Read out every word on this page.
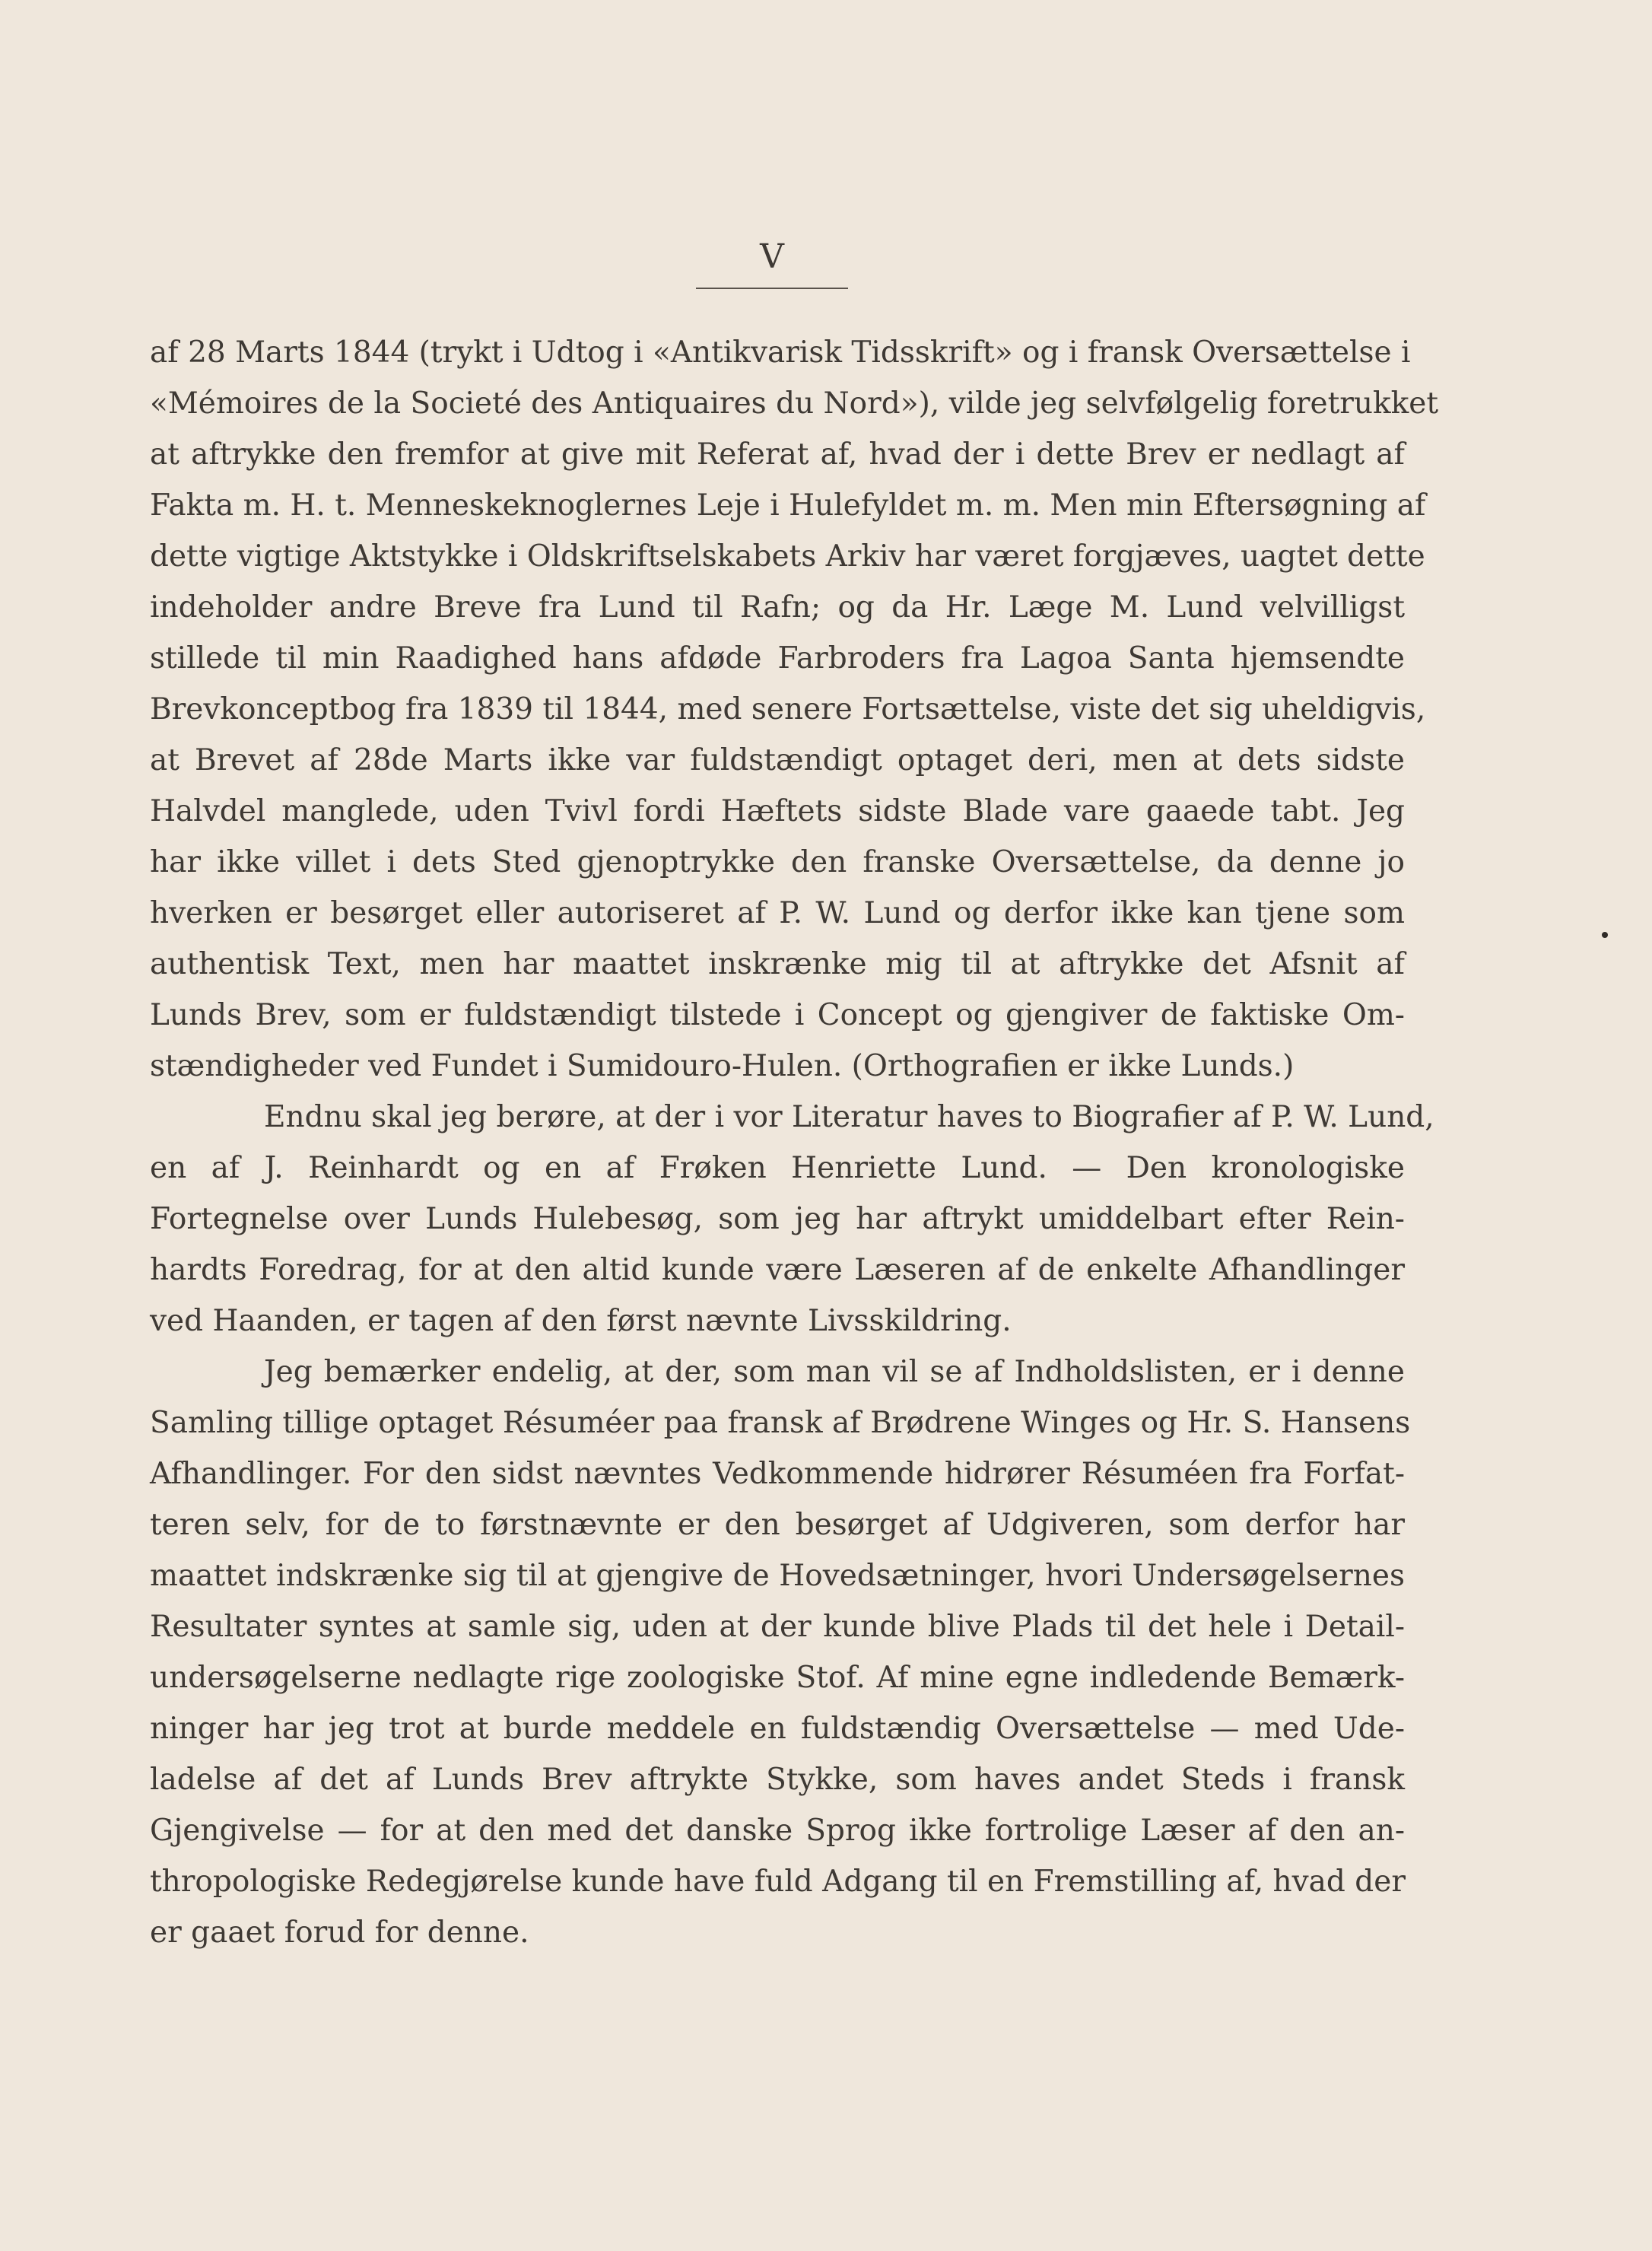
V
af 28 Marts 1844 (trykt i Udtog i «Antikvarisk Tidsskrift» og i fransk Oversættelse i
«Mémoires de la Societé des Antiquaires du Nord»), vilde jeg selvfølgelig foretrukket
at aftrykke den fremfor at give mit Referat af, hvad der i dette Brev er nedlagt af
Fakta m. H. t. Menneskeknoglernes Leje i Hulefyldet m. m. Men min Eftersøgning af
dette vigtige Aktstykke i Oldskriftselskabets Arkiv har været forgjæves, uagtet dette
indeholder andre Breve fra Lund til Rafn; og da Hr. Læge M. Lund velvilligst
stillede til min Raadighed hans afdøde Farbroders fra Lagoa Santa hjemsendte
Brevkonceptbog fra 1839 til 1844, med senere Fortsættelse, viste det sig uheldigvis,
at Brevet af 28de Marts ikke var fuldstændigt optaget deri, men at dets sidste
Halvdel manglede, uden Tvivl fordi Hæftets sidste Blade vare gaaede tabt. Jeg
har ikke villet i dets Sted gjenoptrykke den franske Oversættelse, da denne jo
hverken er besørget eller autoriseret af P. W. Lund og derfor ikke kan tjene som
authentisk Text, men har maattet inskrænke mig til at aftrykke det Afsnit af
Lunds Brev, som er fuldstændigt tilstede i Concept og gjengiver de faktiske Om-
stændigheder ved Fundet i Sumidouro-Hulen. (Orthografien er ikke Lunds.)
Endnu skal jeg berøre, at der i vor Literatur haves to Biografier af P. W. Lund,
en af J. Reinhardt og en af Frøken Henriette Lund. — Den kronologiske
Fortegnelse over Lunds Hulebesøg, som jeg har aftrykt umiddelbart efter Rein-
hardts Foredrag, for at den altid kunde være Læseren af de enkelte Afhandlinger
ved Haanden, er tagen af den først nævnte Livsskildring.
Jeg bemærker endelig, at der, som man vil se af Indholdslisten, er i denne
Samling tillige optaget Résuméer paa fransk af Brødrene Winges og Hr. S. Hansens
Afhandlinger. For den sidst nævntes Vedkommende hidrører Résuméen fra Forfat-
teren selv, for de to førstnævnte er den besørget af Udgiveren, som derfor har
maattet indskrænke sig til at gjengive de Hovedsætninger, hvori Undersøgelsernes
Resultater syntes at samle sig, uden at der kunde blive Plads til det hele i Detail-
undersøgelserne nedlagte rige zoologiske Stof. Af mine egne indledende Bemærk-
ninger har jeg trot at burde meddele en fuldstændig Oversættelse — med Ude-
ladelse af det af Lunds Brev aftrykte Stykke, som haves andet Steds i fransk
Gjengivelse — for at den med det danske Sprog ikke fortrolige Læser af den an-
thropologiske Redegjørelse kunde have fuld Adgang til en Fremstilling af, hvad der
er gaaet forud for denne.
